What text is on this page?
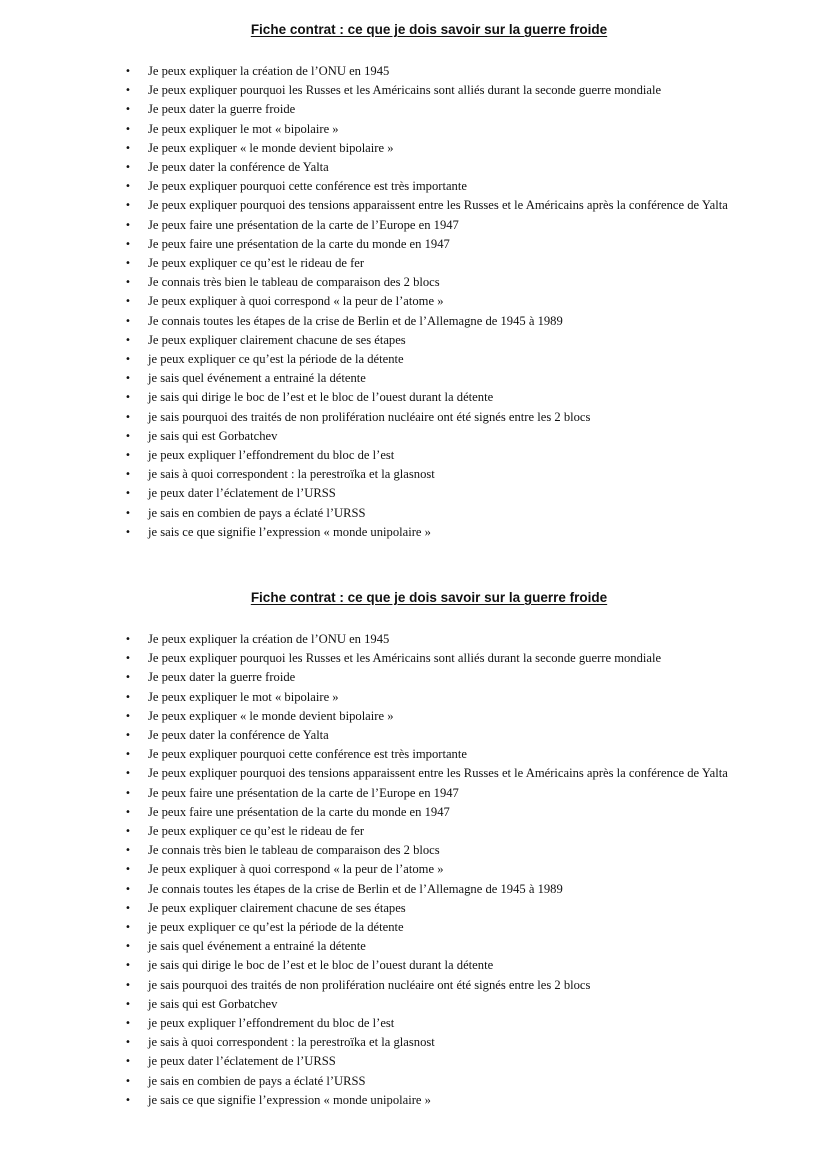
Fiche contrat : ce que je dois savoir sur la guerre froide
• Je peux expliquer la création de l’ONU en 1945
• Je peux expliquer pourquoi les Russes et les Américains sont alliés durant la seconde guerre mondiale
• Je peux dater la guerre froide
• Je peux expliquer le mot « bipolaire »
• Je peux expliquer « le monde devient bipolaire »
• Je peux dater la conférence de Yalta
• Je peux expliquer pourquoi cette conférence est très importante
• Je peux expliquer pourquoi des tensions apparaissent entre les Russes et le Américains après la conférence de Yalta
• Je peux faire une présentation de la carte de l’Europe en 1947
• Je peux faire une présentation de la carte du monde en 1947
• Je peux expliquer ce qu’est le rideau de fer
• Je connais très bien le tableau de comparaison des 2 blocs
• Je peux expliquer à quoi correspond « la peur de l’atome »
• Je connais toutes les étapes de la crise de Berlin et de l’Allemagne de 1945 à 1989
• Je peux expliquer clairement chacune de ses étapes
• je peux expliquer ce qu’est la période de la détente
• je sais quel événement a entrainé la détente
• je sais qui dirige le boc de l’est et le bloc de l’ouest durant la détente
• je sais pourquoi des traités de non prolifération nucléaire ont été signés entre les 2 blocs
• je sais qui est Gorbatchev
• je peux expliquer l’effondrement du bloc de l’est
• je sais à quoi correspondent : la perestroïka et la glasnost
• je peux dater l’éclatement de l’URSS
• je sais en combien de pays a éclaté l’URSS
• je sais ce que signifie l’expression « monde unipolaire »
Fiche contrat : ce que je dois savoir sur la guerre froide
• Je peux expliquer la création de l’ONU en 1945
• Je peux expliquer pourquoi les Russes et les Américains sont alliés durant la seconde guerre mondiale
• Je peux dater la guerre froide
• Je peux expliquer le mot « bipolaire »
• Je peux expliquer « le monde devient bipolaire »
• Je peux dater la conférence de Yalta
• Je peux expliquer pourquoi cette conférence est très importante
• Je peux expliquer pourquoi des tensions apparaissent entre les Russes et le Américains après la conférence de Yalta
• Je peux faire une présentation de la carte de l’Europe en 1947
• Je peux faire une présentation de la carte du monde en 1947
• Je peux expliquer ce qu’est le rideau de fer
• Je connais très bien le tableau de comparaison des 2 blocs
• Je peux expliquer à quoi correspond « la peur de l’atome »
• Je connais toutes les étapes de la crise de Berlin et de l’Allemagne de 1945 à 1989
• Je peux expliquer clairement chacune de ses étapes
• je peux expliquer ce qu’est la période de la détente
• je sais quel événement a entrainé la détente
• je sais qui dirige le boc de l’est et le bloc de l’ouest durant la détente
• je sais pourquoi des traités de non prolifération nucléaire ont été signés entre les 2 blocs
• je sais qui est Gorbatchev
• je peux expliquer l’effondrement du bloc de l’est
• je sais à quoi correspondent : la perestroïka et la glasnost
• je peux dater l’éclatement de l’URSS
• je sais en combien de pays a éclaté l’URSS
• je sais ce que signifie l’expression « monde unipolaire »
